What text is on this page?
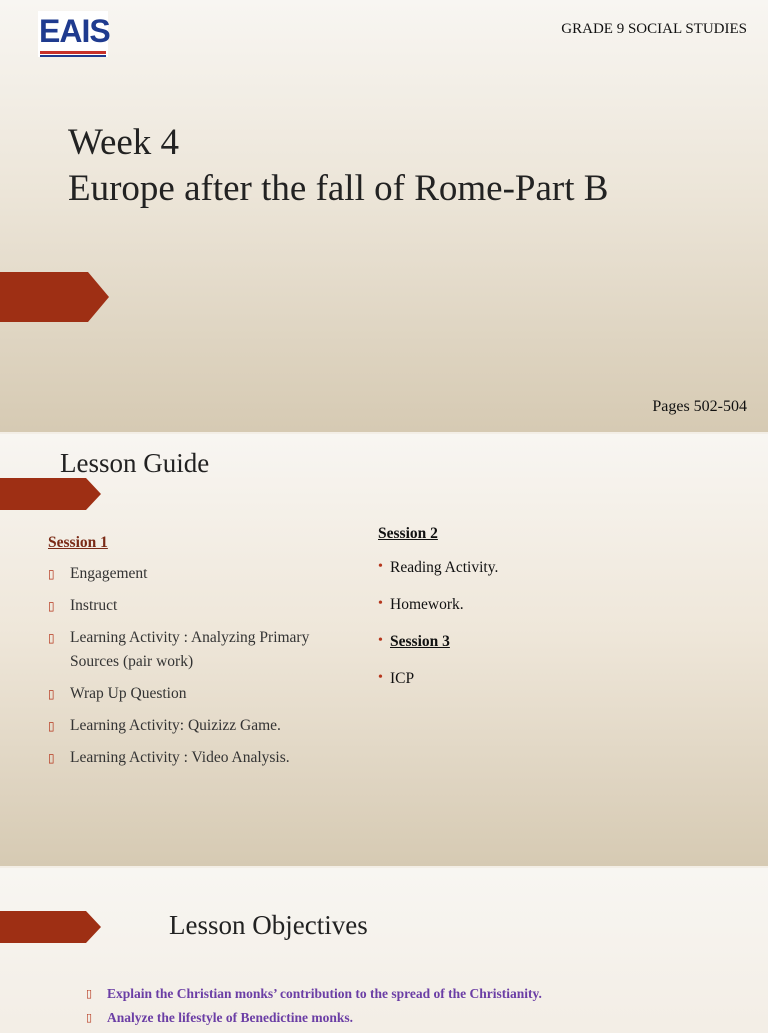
EAIS	GRADE 9 SOCIAL STUDIES
Week 4
Europe after the fall of Rome-Part B
Pages 502-504
Lesson Guide
Session 1
▯ Engagement
▯ Instruct
▯ Learning Activity : Analyzing Primary Sources (pair work)
▯ Wrap Up Question
▯ Learning Activity: Quizizz Game.
▯ Learning Activity : Video Analysis.
Session 2
• Reading Activity.
• Homework.
• Session 3
• ICP
Lesson Objectives
▯ Explain the Christian monks’ contribution to the spread of the Christianity.
▯ Analyze the lifestyle of Benedictine monks.
